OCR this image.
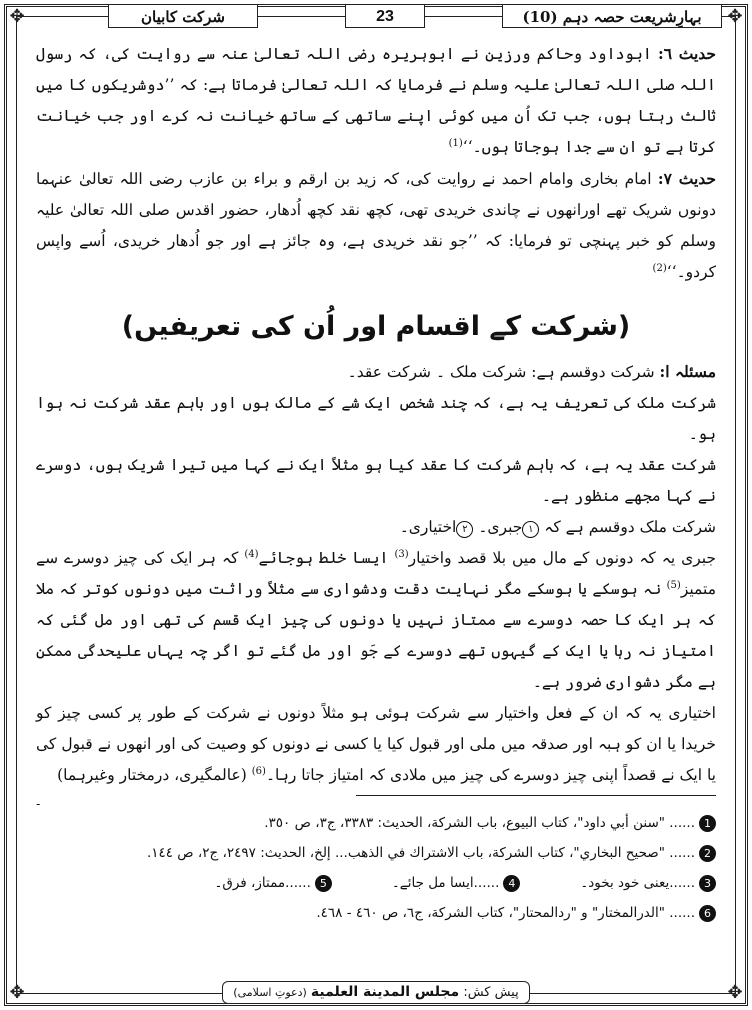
✥	✥
✥	✥
بہارِشریعت حصہ دہم (10)
23
شرکت کابیان

حدیث ٦: ابوداود وحاکم ورزین نے ابوہریرہ رضی اللہ تعالیٰ عنہ سے روایت کی، کہ رسول اللہ صلی اللہ تعالیٰ علیہ وسلم نے فرمایا کہ اللہ تعالیٰ فرماتا ہے: کہ ’’دوشریکوں کا میں ثالث رہتا ہوں، جب تک اُن میں کوئی اپنے ساتھی کے ساتھ خیانت نہ کرے اور جب خیانت کرتا ہے تو ان سے جدا ہوجاتا ہوں۔‘‘$^{(1)}$

حدیث ٧: امام بخاری وامام احمد نے روایت کی، کہ زید بن ارقم و براء بن عازب رضی اللہ تعالیٰ عنہما دونوں شریک تھے اورانھوں نے چاندی خریدی تھی، کچھ نقد کچھ اُدھار، حضور اقدس صلی اللہ تعالیٰ علیہ وسلم کو خبر پہنچی تو فرمایا: کہ ’’جو نقد خریدی ہے، وہ جائز ہے اور جو اُدھار خریدی، اُسے واپس کردو۔‘‘$^{(2)}$

(شرکت کے اقسام اور اُن کی تعریفیں)

مسئلہ ا: شرکت دوقسم ہے: شرکت ملک ۔ شرکت عقد۔

شرکت ملک کی تعریف یہ ہے، کہ چند شخص ایک شے کے مالک ہوں اور باہم عقد شرکت نہ ہوا ہو۔

شرکت عقد یہ ہے، کہ باہم شرکت کا عقد کیا ہو مثلاً ایک نے کہا میں تیرا شریک ہوں، دوسرے نے کہا مجھے منظور ہے۔

شرکت ملک دوقسم ہے کہ ١جبری۔ ٢اختیاری۔

جبری یہ کہ دونوں کے مال میں بلا قصد واختیار$^{(3)}$ ایسا خلط ہوجائے$^{(4)}$ کہ ہر ایک کی چیز دوسرے سے متمیز$^{(5)}$ نہ ہوسکے یا ہوسکے مگر نہایت دقت ودشواری سے مثلاً وراثت میں دونوں کوتر کہ ملا کہ ہر ایک کا حصہ دوسرے سے ممتاز نہیں یا دونوں کی چیز ایک قسم کی تھی اور مل گئی کہ امتیاز نہ رہا یا ایک کے گیہوں تھے دوسرے کے جَو اور مل گئے تو اگر چہ یہاں علیحدگی ممکن ہے مگر دشواری ضرور ہے۔

اختیاری یہ کہ ان کے فعل واختیار سے شرکت ہوئی ہو مثلاً دونوں نے شرکت کے طور پر کسی چیز کو خریدا یا ان کو ہبہ اور صدقہ میں ملی اور قبول کیا یا کسی نے دونوں کو وصیت کی اور انھوں نے قبول کی یا ایک نے قصداً اپنی چیز دوسرے کی چیز میں ملادی کہ امتیاز جاتا رہا۔$^{(6)}$ (عالمگیری، درمختار وغیرہما)

-
1...... "سنن أبي داود"، كتاب البيوع، باب الشركة، الحديث: ٣٣٨٣، ج٣، ص ٣٥٠.
2...... "صحيح البخاري"، كتاب الشركة، باب الاشتراك في الذهب... إلخ، الحديث: ٢٤٩٧، ج٢، ص ١٤٤.
3......یعنی خود بخود۔
4......ایسا مل جائے۔
5......ممتاز، فرق۔
6...... "الدرالمختار" و "ردالمحتار"، كتاب الشركة، ج٦، ص ٤٦٠ - ٤٦٨.
پیش کش: مجلس المدينة العلمية (دعوتِ اسلامی)
